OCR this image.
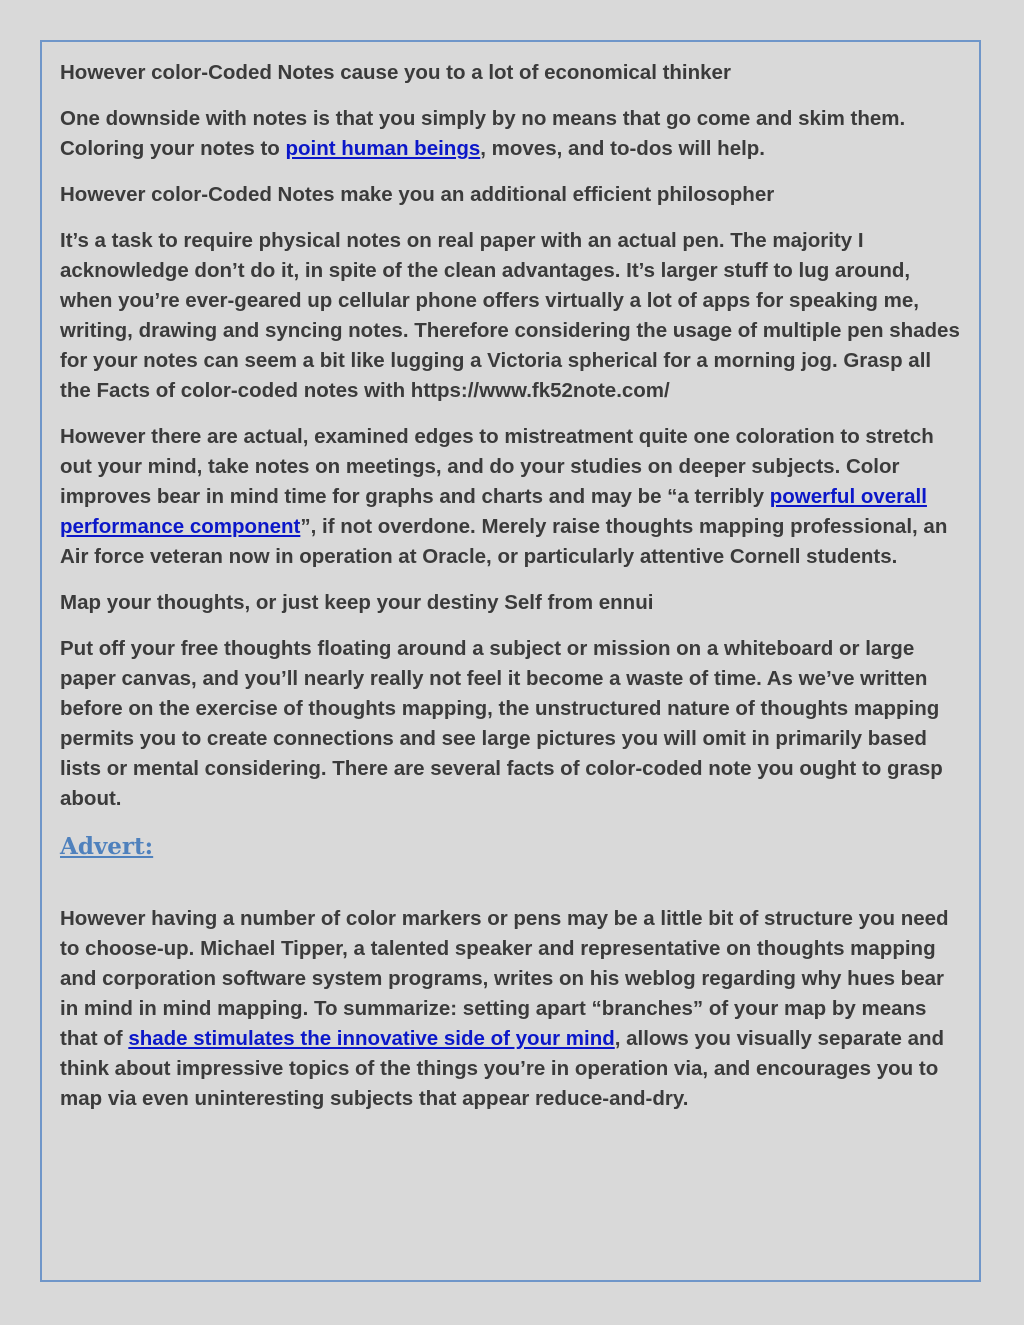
However color-Coded Notes cause you to a lot of economical thinker

One downside with notes is that you simply by no means that go come and skim them. Coloring your notes to point human beings, moves, and to-dos will help.

However color-Coded Notes make you an additional efficient philosopher

It’s a task to require physical notes on real paper with an actual pen. The majority I acknowledge don’t do it, in spite of the clean advantages. It’s larger stuff to lug around, when you’re ever-geared up cellular phone offers virtually a lot of apps for speaking me, writing, drawing and syncing notes. Therefore considering the usage of multiple pen shades for your notes can seem a bit like lugging a Victoria spherical for a morning jog. Grasp all the Facts of color-coded notes with https://www.fk52note.com/

However there are actual, examined edges to mistreatment quite one coloration to stretch out your mind, take notes on meetings, and do your studies on deeper subjects. Color improves bear in mind time for graphs and charts and may be “a terribly powerful overall performance component”, if not overdone. Merely raise thoughts mapping professional, an Air force veteran now in operation at Oracle, or particularly attentive Cornell students.

Map your thoughts, or just keep your destiny Self from ennui

Put off your free thoughts floating around a subject or mission on a whiteboard or large paper canvas, and you’ll nearly really not feel it become a waste of time. As we’ve written before on the exercise of thoughts mapping, the unstructured nature of thoughts mapping permits you to create connections and see large pictures you will omit in primarily based lists or mental considering. There are several facts of color-coded note you ought to grasp about.

Advert:

However having a number of color markers or pens may be a little bit of structure you need to choose-up. Michael Tipper, a talented speaker and representative on thoughts mapping and corporation software system programs, writes on his weblog regarding why hues bear in mind in mind mapping. To summarize: setting apart “branches” of your map by means that of shade stimulates the innovative side of your mind, allows you visually separate and think about impressive topics of the things you’re in operation via, and encourages you to map via even uninteresting subjects that appear reduce-and-dry.
